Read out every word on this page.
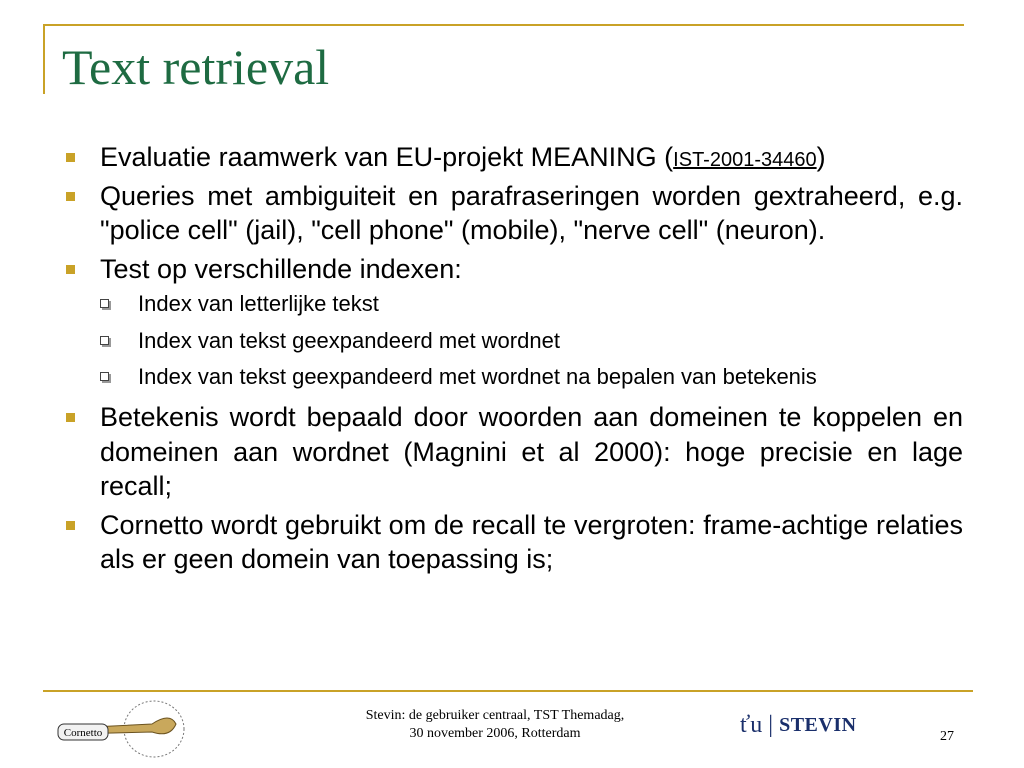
Text retrieval
Evaluatie raamwerk van EU-projekt MEANING (IST-2001-34460)
Queries met ambiguiteit en parafraseringen worden gextraheerd, e.g. "police cell" (jail), "cell phone" (mobile), "nerve cell" (neuron).
Test op verschillende indexen:
Index van letterlijke tekst
Index van tekst geexpandeerd met wordnet
Index van tekst geexpandeerd met wordnet na bepalen van betekenis
Betekenis wordt bepaald door woorden aan domeinen te koppelen en domeinen aan wordnet (Magnini et al 2000): hoge precisie en lage recall;
Cornetto wordt gebruikt om de recall te vergroten: frame-achtige relaties als er geen domein van toepassing is;
Cornetto
Stevin: de gebruiker centraal, TST Themadag,
30 november 2006, Rotterdam	ťu | STEVIN
27
